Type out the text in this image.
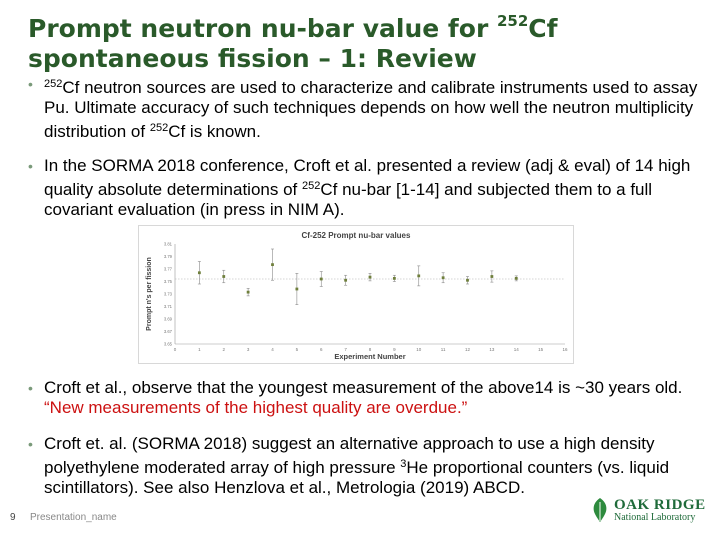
Prompt neutron nu-bar value for $^{252}$Cf
spontaneous fission – 1: Review
•	$^{252}$Cf neutron sources are used to characterize and calibrate instruments used to assay Pu. Ultimate accuracy of such techniques depends on how well the neutron multiplicity distribution of $^{252}$Cf is known.
• In the SORMA 2018 conference, Croft et al. presented a review (adj & eval) of 14 high quality absolute determinations of $^{252}$Cf nu-bar [1-14] and subjected them to a full covariant evaluation (in press in NIM A).
Cf-252 Prompt nu-bar values
Experiment Number
Prompt n's per fission
3.65
3.67
3.69
3.71
3.73
3.75
3.77
3.79
3.81
0	1	2	3	4	5	6	7	8	9	10	11	12	13	14	15	16
• Croft et al., observe that the youngest measurement of the above14 is ~30 years old. “New measurements of the highest quality are overdue.”
• Croft et. al. (SORMA 2018) suggest an alternative approach to use a high density polyethylene moderated array of high pressure $^3$He proportional counters (vs. liquid scintillators). See also Henzlova et al., Metrologia (2019) ABCD.
9 Presentation_name
OAK RIDGE
National Laboratory
